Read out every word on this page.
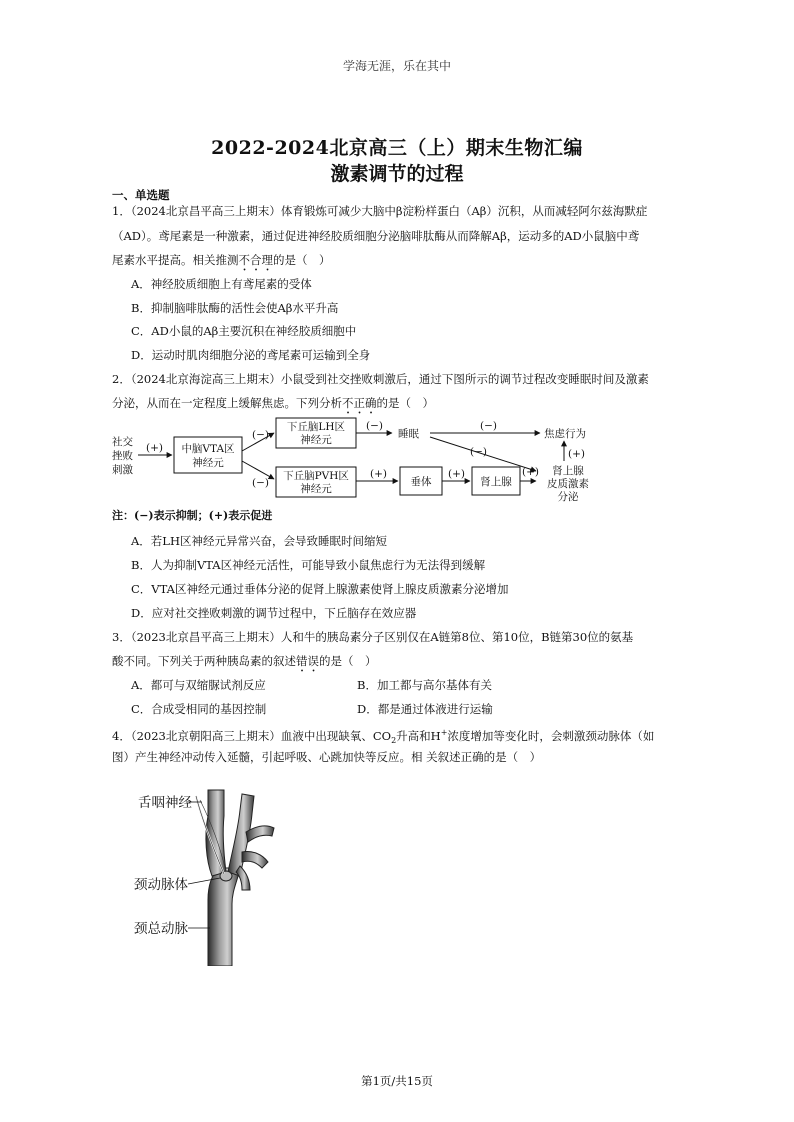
学海无涯，乐在其中
2022-2024北京高三（上）期末生物汇编
激素调节的过程
一、单选题
1．（2024北京昌平高三上期末）体育锻炼可减少大脑中β淀粉样蛋白（Aβ）沉积，从而减轻阿尔兹海默症
（AD）。鸢尾素是一种激素，通过促进神经胶质细胞分泌脑啡肽酶从而降解Aβ，运动多的AD小鼠脑中鸢
尾素水平提高。相关推测不合理的是（　）
A．神经胶质细胞上有鸢尾素的受体
B．抑制脑啡肽酶的活性会使Aβ水平升高
C．AD小鼠的Aβ主要沉积在神经胶质细胞中
D．运动时肌肉细胞分泌的鸢尾素可运输到全身
2．（2024北京海淀高三上期末）小鼠受到社交挫败刺激后，通过下图所示的调节过程改变睡眠时间及激素
分泌，从而在一定程度上缓解焦虑。下列分析不正确的是（　）
社交
挫败
刺激
(+) 中脑VTA区
神经元
(−)
(−)
下丘脑LH区
神经元
下丘脑PVH区
神经元
(−)
睡眠
(−)
焦虑行为
(−)
(+)
垂体
(+)
肾上腺
(+)
(+)
肾上腺
皮质激素
分泌
注：(−)表示抑制；(+)表示促进
A．若LH区神经元异常兴奋，会导致睡眠时间缩短
B．人为抑制VTA区神经元活性，可能导致小鼠焦虑行为无法得到缓解
C．VTA区神经元通过垂体分泌的促肾上腺激素使肾上腺皮质激素分泌增加
D．应对社交挫败刺激的调节过程中，下丘脑存在效应器
3．（2023北京昌平高三上期末）人和牛的胰岛素分子区别仅在A链第8位、第10位，B链第30位的氨基
酸不同。下列关于两种胰岛素的叙述错误的是（　）
A．都可与双缩脲试剂反应	B．加工都与高尔基体有关
C．合成受相同的基因控制	D．都是通过体液进行运输
4．（2023北京朝阳高三上期末）血液中出现缺氧、$CO_2$升高和H+浓度增加等变化时，会刺激颈动脉体（如
图）产生神经冲动传入延髓，引起呼吸、心跳加快等反应。相 关叙述正确的是（　）
舌咽神经
颈动脉体
颈总动脉
第1页/共15页
